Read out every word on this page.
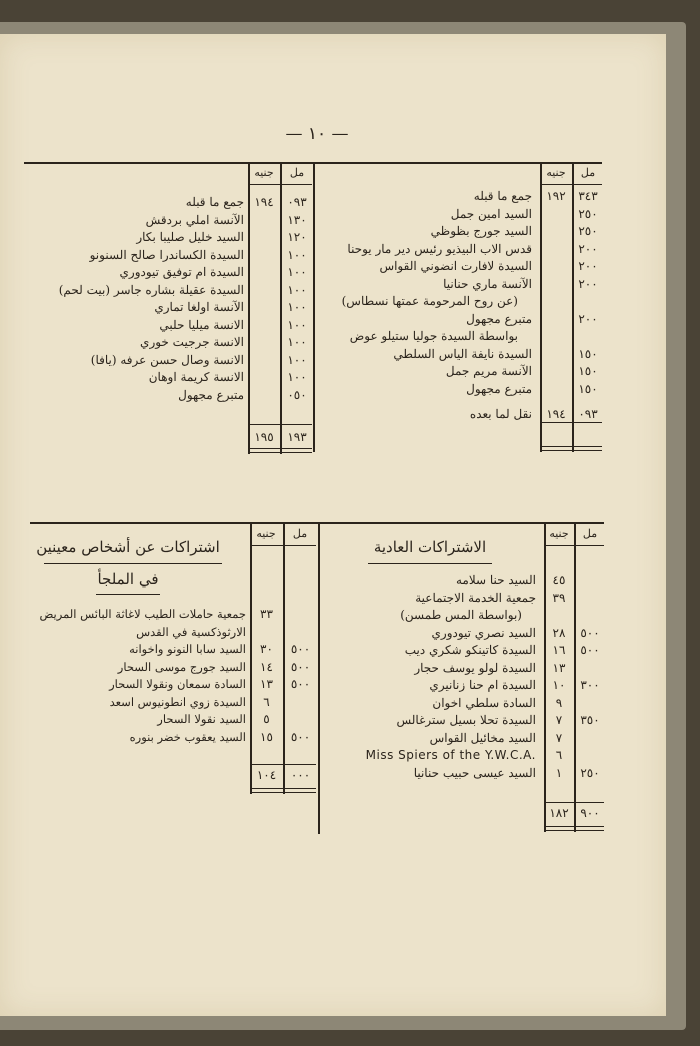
— ١٠ —
مل
جنيه
٣٤٣
٢٥٠
٢٥٠
٢٠٠
٢٠٠
٢٠٠
٢٠٠
١٥٠
١٥٠
١٥٠
٠٩٣
١٩٢
١٩٤
جمع ما قبله
السيد امين جمل
السيد جورج بظوظي
قدس الاب البيذيو رئيس دير مار يوحنا
السيدة لافارت انضوني القواس
الآنسة ماري حنانيا
(عن روح المرحومة عمتها نسطاس)
متبرع مجهول
بواسطة السيدة جوليا ستيلو عوض
السيدة نايفة الياس السلطي
الآنسة مريم جمل
متبرع مجهول
نقل لما بعده
مل
جنيه
٠٩٣
١٣٠
١٢٠
١٠٠
١٠٠
١٠٠
١٠٠
١٠٠
١٠٠
١٠٠
١٠٠
٠٥٠
١٩٤
١٩٣
١٩٥
جمع ما قبله
الآنسة املي بردقش
السيد خليل صليبا بكار
السيدة الكساندرا صالح السنونو
السيدة ام توفيق تيودوري
السيدة عقيلة بشاره جاسر (بيت لحم)
الآنسة اولغا تماري
الانسة ميليا حلبي
الانسة جرجيت خوري
الانسة وصال حسن عرفه (يافا)
الانسة كريمة اوهان
متبرع مجهول
الاشتراكات العادية
مل
جنيه
٥٠٠
٥٠٠
٣٠٠
٣٥٠
٢٥٠
٤٥
٣٩
٢٨
١٦
١٣
١٠
٩
٧
٧
٦
١
٩٠٠
١٨٢
السيد حنا سلامه
جمعية الخدمة الاجتماعية
(بواسطة المس طمسن)
السيد نصري تيودوري
السيدة كاتينكو شكري ديب
السيدة لولو يوسف حجار
السيدة ام حنا زنانيري
السادة سلطي اخوان
السيدة تحلا بسيل سترغالس
السيد مخائيل القواس
Miss Spiers of the Y.W.C.A.
السيد عيسى حبيب حنانيا
اشتراكات عن أشخاص معينين
في الملجأ
مل
جنيه
٥٠٠
٥٠٠
٥٠٠
٥٠٠
٣٣
٣٠
١٤
١٣
٦
٥
١٥
٠٠٠
١٠٤
جمعية حاملات الطيب لاغاثة البائس المريض
الارثوذكسية في القدس
السيد سابا النونو واخوانه
السيد جورج موسى السحار
السادة سمعان ونقولا السحار
السيدة زوي انطونيوس اسعد
السيد نقولا السحار
السيد يعقوب خضر بنوره
